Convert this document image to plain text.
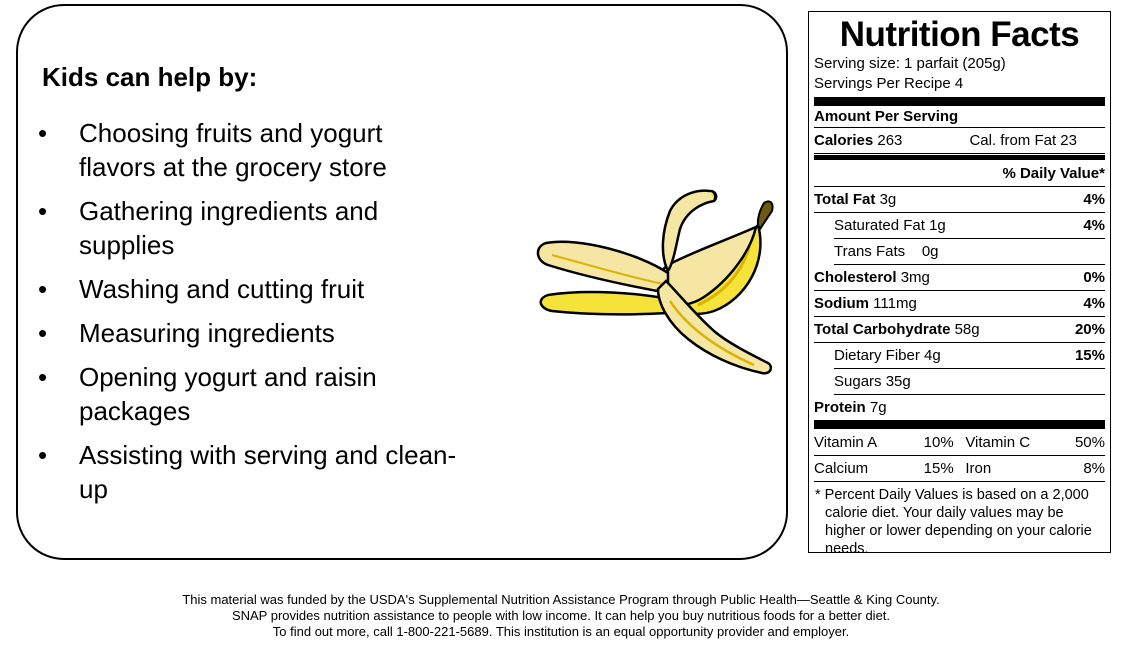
Kids can help by:
• Choosing fruits and yogurt flavors at the grocery store
• Gathering ingredients and supplies
• Washing and cutting fruit
• Measuring ingredients
• Opening yogurt and raisin packages
• Assisting with serving and clean-up
Nutrition Facts
Serving size: 1 parfait (205g)
Servings Per Recipe 4
Amount Per Serving
Calories 263	Cal. from Fat 23
% Daily Value*
Total Fat 3g	4%
Saturated Fat 1g	4%
Trans Fats 0g
Cholesterol 3mg	0%
Sodium 111mg	4%
Total Carbohydrate 58g	20%
Dietary Fiber 4g	15%
Sugars 35g
Protein 7g
Vitamin A	10% Vitamin C	50%
Calcium	15% Iron	8%
* Percent Daily Values is based on a 2,000 calorie diet. Your daily values may be higher or lower depending on your calorie needs.
This material was funded by the USDA's Supplemental Nutrition Assistance Program through Public Health—Seattle & King County.
SNAP provides nutrition assistance to people with low income. It can help you buy nutritious foods for a better diet.
To find out more, call 1-800-221-5689. This institution is an equal opportunity provider and employer.
